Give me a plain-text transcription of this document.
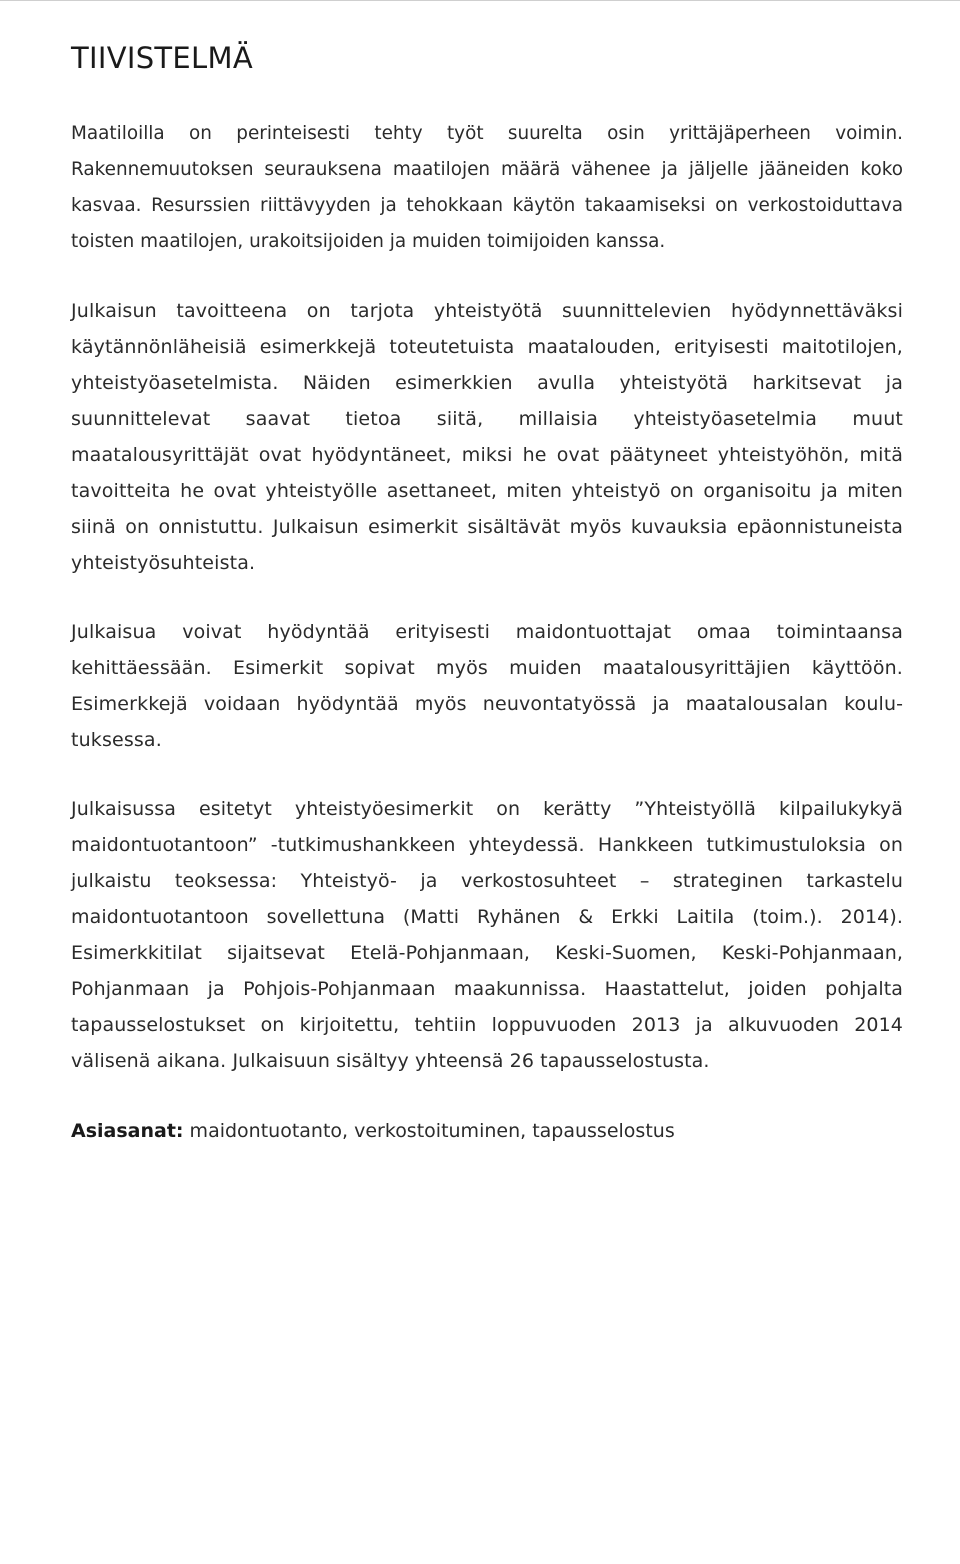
TIIVISTELMÄ

Maatiloilla on perinteisesti tehty työt suurelta osin yrittäjäperheen voimin. Rakennemuutoksen seurauksena maatilojen määrä vähenee ja jäljelle jääneiden koko kasvaa. Resurssien riittävyyden ja tehokkaan käytön takaamiseksi on verkostoiduttava toisten maatilojen, urakoitsijoiden ja muiden toimijoiden kanssa.

Julkaisun tavoitteena on tarjota yhteistyötä suunnittelevien hyödynnettäväksi käytännönläheisiä esimerkkejä toteutetuista maatalouden, erityisesti maitotilojen, yhteistyöasetelmista. Näiden esimerkkien avulla yhteistyötä harkitsevat ja suunnittelevat saavat tietoa siitä, millaisia yhteistyöasetelmia muut maatalousyrittäjät ovat hyödyntäneet, miksi he ovat päätyneet yhteistyöhön, mitä tavoitteita he ovat yhteistyölle asettaneet, miten yhteistyö on organisoitu ja miten siinä on onnistuttu. Julkaisun esimerkit sisältävät myös kuvauksia epäonnistuneista yhteistyösuhteista.

Julkaisua voivat hyödyntää erityisesti maidontuottajat omaa toimintaansa kehittäessään. Esimerkit sopivat myös muiden maatalousyrittäjien käyttöön. Esimerkkejä voidaan hyödyntää myös neuvontatyössä ja maatalousalan koulutuksessa.

Julkaisussa esitetyt yhteistyöesimerkit on kerätty ”Yhteistyöllä kilpailukykyä maidontuotantoon” -tutkimushankkeen yhteydessä. Hankkeen tutkimustuloksia on julkaistu teoksessa: Yhteistyö- ja verkostosuhteet – strateginen tarkastelu maidontuotantoon sovellettuna (Matti Ryhänen & Erkki Laitila (toim.). 2014). Esimerkkitilat sijaitsevat Etelä-Pohjanmaan, Keski-Suomen, Keski-Pohjanmaan, Pohjanmaan ja Pohjois-Pohjanmaan maakunnissa. Haastattelut, joiden pohjalta tapausselostukset on kirjoitettu, tehtiin loppuvuoden 2013 ja alkuvuoden 2014 välisenä aikana. Julkaisuun sisältyy yhteensä 26 tapausselostusta.

Asiasanat: maidontuotanto, verkostoituminen, tapausselostus
